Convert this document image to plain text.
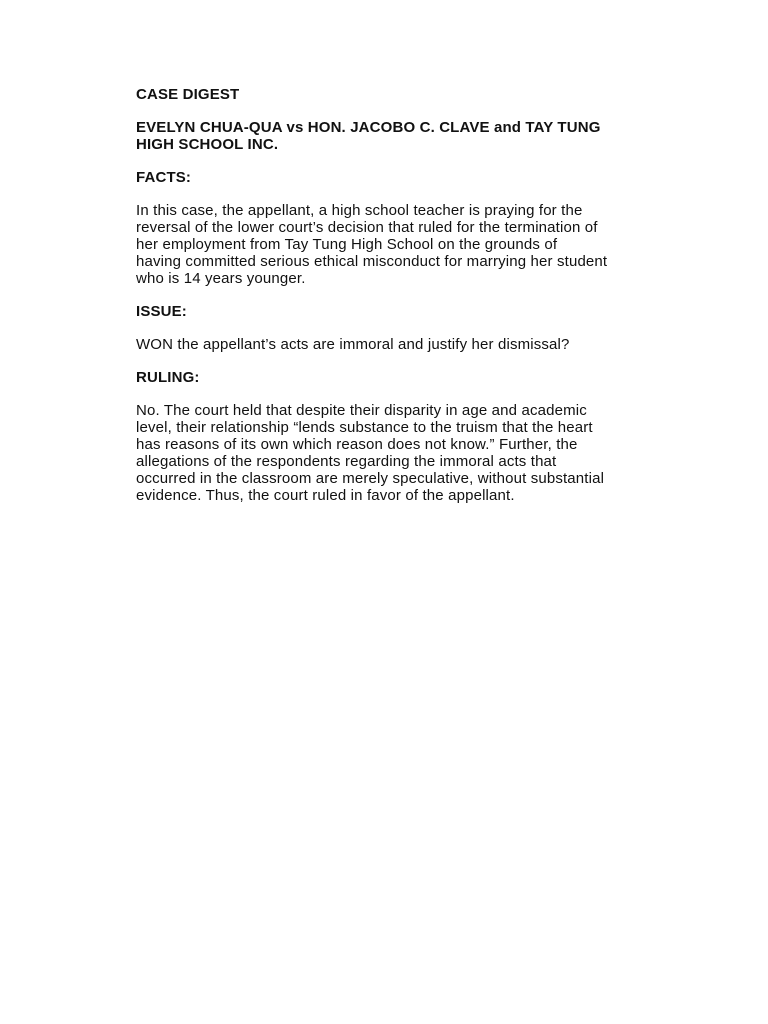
CASE DIGEST
EVELYN CHUA-QUA vs HON. JACOBO C. CLAVE and TAY TUNG
HIGH SCHOOL INC.
FACTS:
In this case, the appellant, a high school teacher is praying for the
reversal of the lower court’s decision that ruled for the termination of
her employment from Tay Tung High School on the grounds of
having committed serious ethical misconduct for marrying her student
who is 14 years younger.
ISSUE:
WON the appellant’s acts are immoral and justify her dismissal?
RULING:
No. The court held that despite their disparity in age and academic
level, their relationship “lends substance to the truism that the heart
has reasons of its own which reason does not know.” Further, the
allegations of the respondents regarding the immoral acts that
occurred in the classroom are merely speculative, without substantial
evidence. Thus, the court ruled in favor of the appellant.
